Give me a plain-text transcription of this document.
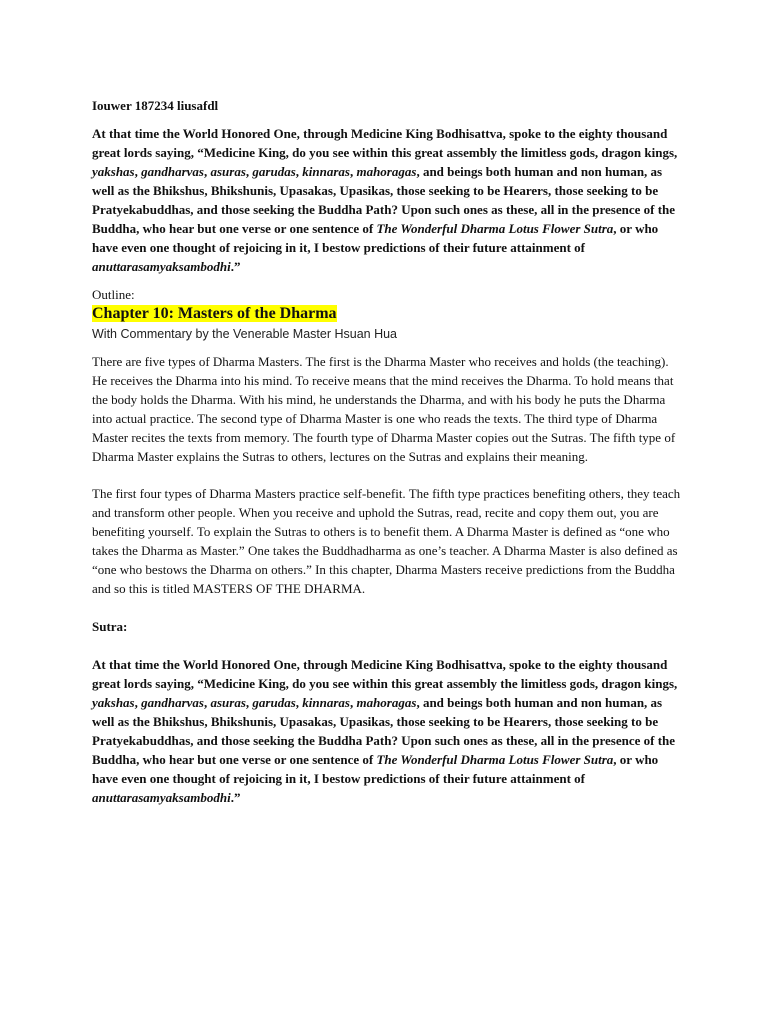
Iouwer 187234 liusafdl

At that time the World Honored One, through Medicine King Bodhisattva, spoke to the eighty thousand great lords saying, “Medicine King, do you see within this great assembly the limitless gods, dragon kings, yakshas, gandharvas, asuras, garudas, kinnaras, mahoragas, and beings both human and non human, as well as the Bhikshus, Bhikshunis, Upasakas, Upasikas, those seeking to be Hearers, those seeking to be Pratyekabuddhas, and those seeking the Buddha Path? Upon such ones as these, all in the presence of the Buddha, who hear but one verse or one sentence of The Wonderful Dharma Lotus Flower Sutra, or who have even one thought of rejoicing in it, I bestow predictions of their future attainment of anuttarasamyaksambodhi.”

Outline:

Chapter 10: Masters of the Dharma

With Commentary by the Venerable Master Hsuan Hua

There are five types of Dharma Masters. The first is the Dharma Master who receives and holds (the teaching). He receives the Dharma into his mind. To receive means that the mind receives the Dharma. To hold means that the body holds the Dharma. With his mind, he understands the Dharma, and with his body he puts the Dharma into actual practice. The second type of Dharma Master is one who reads the texts. The third type of Dharma Master recites the texts from memory. The fourth type of Dharma Master copies out the Sutras. The fifth type of Dharma Master explains the Sutras to others, lectures on the Sutras and explains their meaning.

The first four types of Dharma Masters practice self-benefit. The fifth type practices benefiting others, they teach and transform other people. When you receive and uphold the Sutras, read, recite and copy them out, you are benefiting yourself. To explain the Sutras to others is to benefit them. A Dharma Master is defined as “one who takes the Dharma as Master.” One takes the Buddhadharma as one’s teacher. A Dharma Master is also defined as “one who bestows the Dharma on others.” In this chapter, Dharma Masters receive predictions from the Buddha and so this is titled MASTERS OF THE DHARMA.

Sutra:

At that time the World Honored One, through Medicine King Bodhisattva, spoke to the eighty thousand great lords saying, “Medicine King, do you see within this great assembly the limitless gods, dragon kings, yakshas, gandharvas, asuras, garudas, kinnaras, mahoragas, and beings both human and non human, as well as the Bhikshus, Bhikshunis, Upasakas, Upasikas, those seeking to be Hearers, those seeking to be Pratyekabuddhas, and those seeking the Buddha Path? Upon such ones as these, all in the presence of the Buddha, who hear but one verse or one sentence of The Wonderful Dharma Lotus Flower Sutra, or who have even one thought of rejoicing in it, I bestow predictions of their future attainment of anuttarasamyaksambodhi.”
